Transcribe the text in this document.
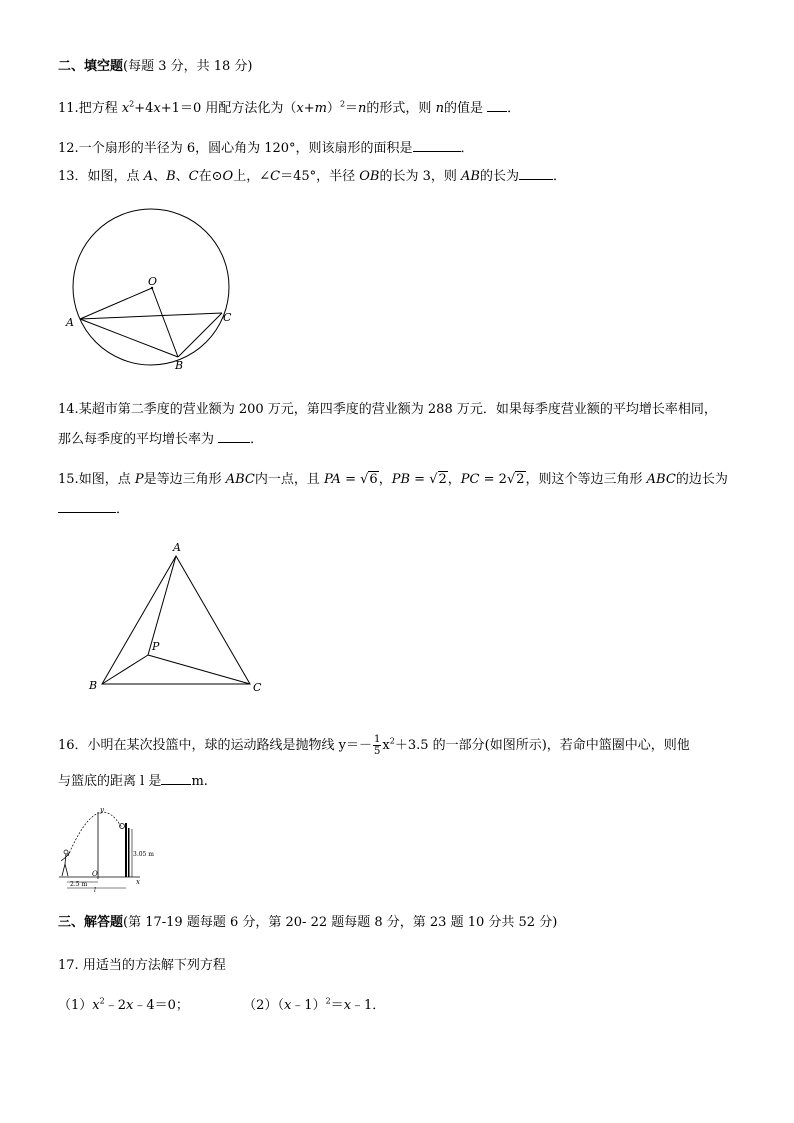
二、填空题(每题 3 分，共 18 分)
11.把方程 $x^2+4x+1=0$ 用配方法化为$(x+m)^2=n$的形式，则 n的值是 ．
12.一个扇形的半径为 6，圆心角为 120°，则该扇形的面积是	．
13．如图，点 A、B、C在⊙O上，∠C＝45°，半径 OB的长为 3，则 AB的长为	．
O
A
B
C
14.某超市第二季度的营业额为 200 万元，第四季度的营业额为 288 万元．如果每季度营业额的平均增长率相同，
那么每季度的平均增长率为 ．
15.如图，点 P是等边三角形 ABC内一点，且 PA = √6，PB = √2，PC = 2√2，则这个等边三角形 ABC的边长为
．
A
B	C
P
16．小明在某次投篮中，球的运动路线是抛物线 $y=- \frac{1}{5} x^2+3.5$ 的一部分(如图所示)，若命中篮圈中心，则他
与篮底的距离 l 是 m.
y
O
x
3.05 m
2.5 m
l
三、解答题(第 17-19 题每题 6 分，第 20- 22 题每题 8 分，第 23 题 10 分共 52 分)
17. 用适当的方法解下列方程
$(1)x^2﹣2x﹣4=0$；	（2）（x﹣1）$^2$＝x﹣1．
